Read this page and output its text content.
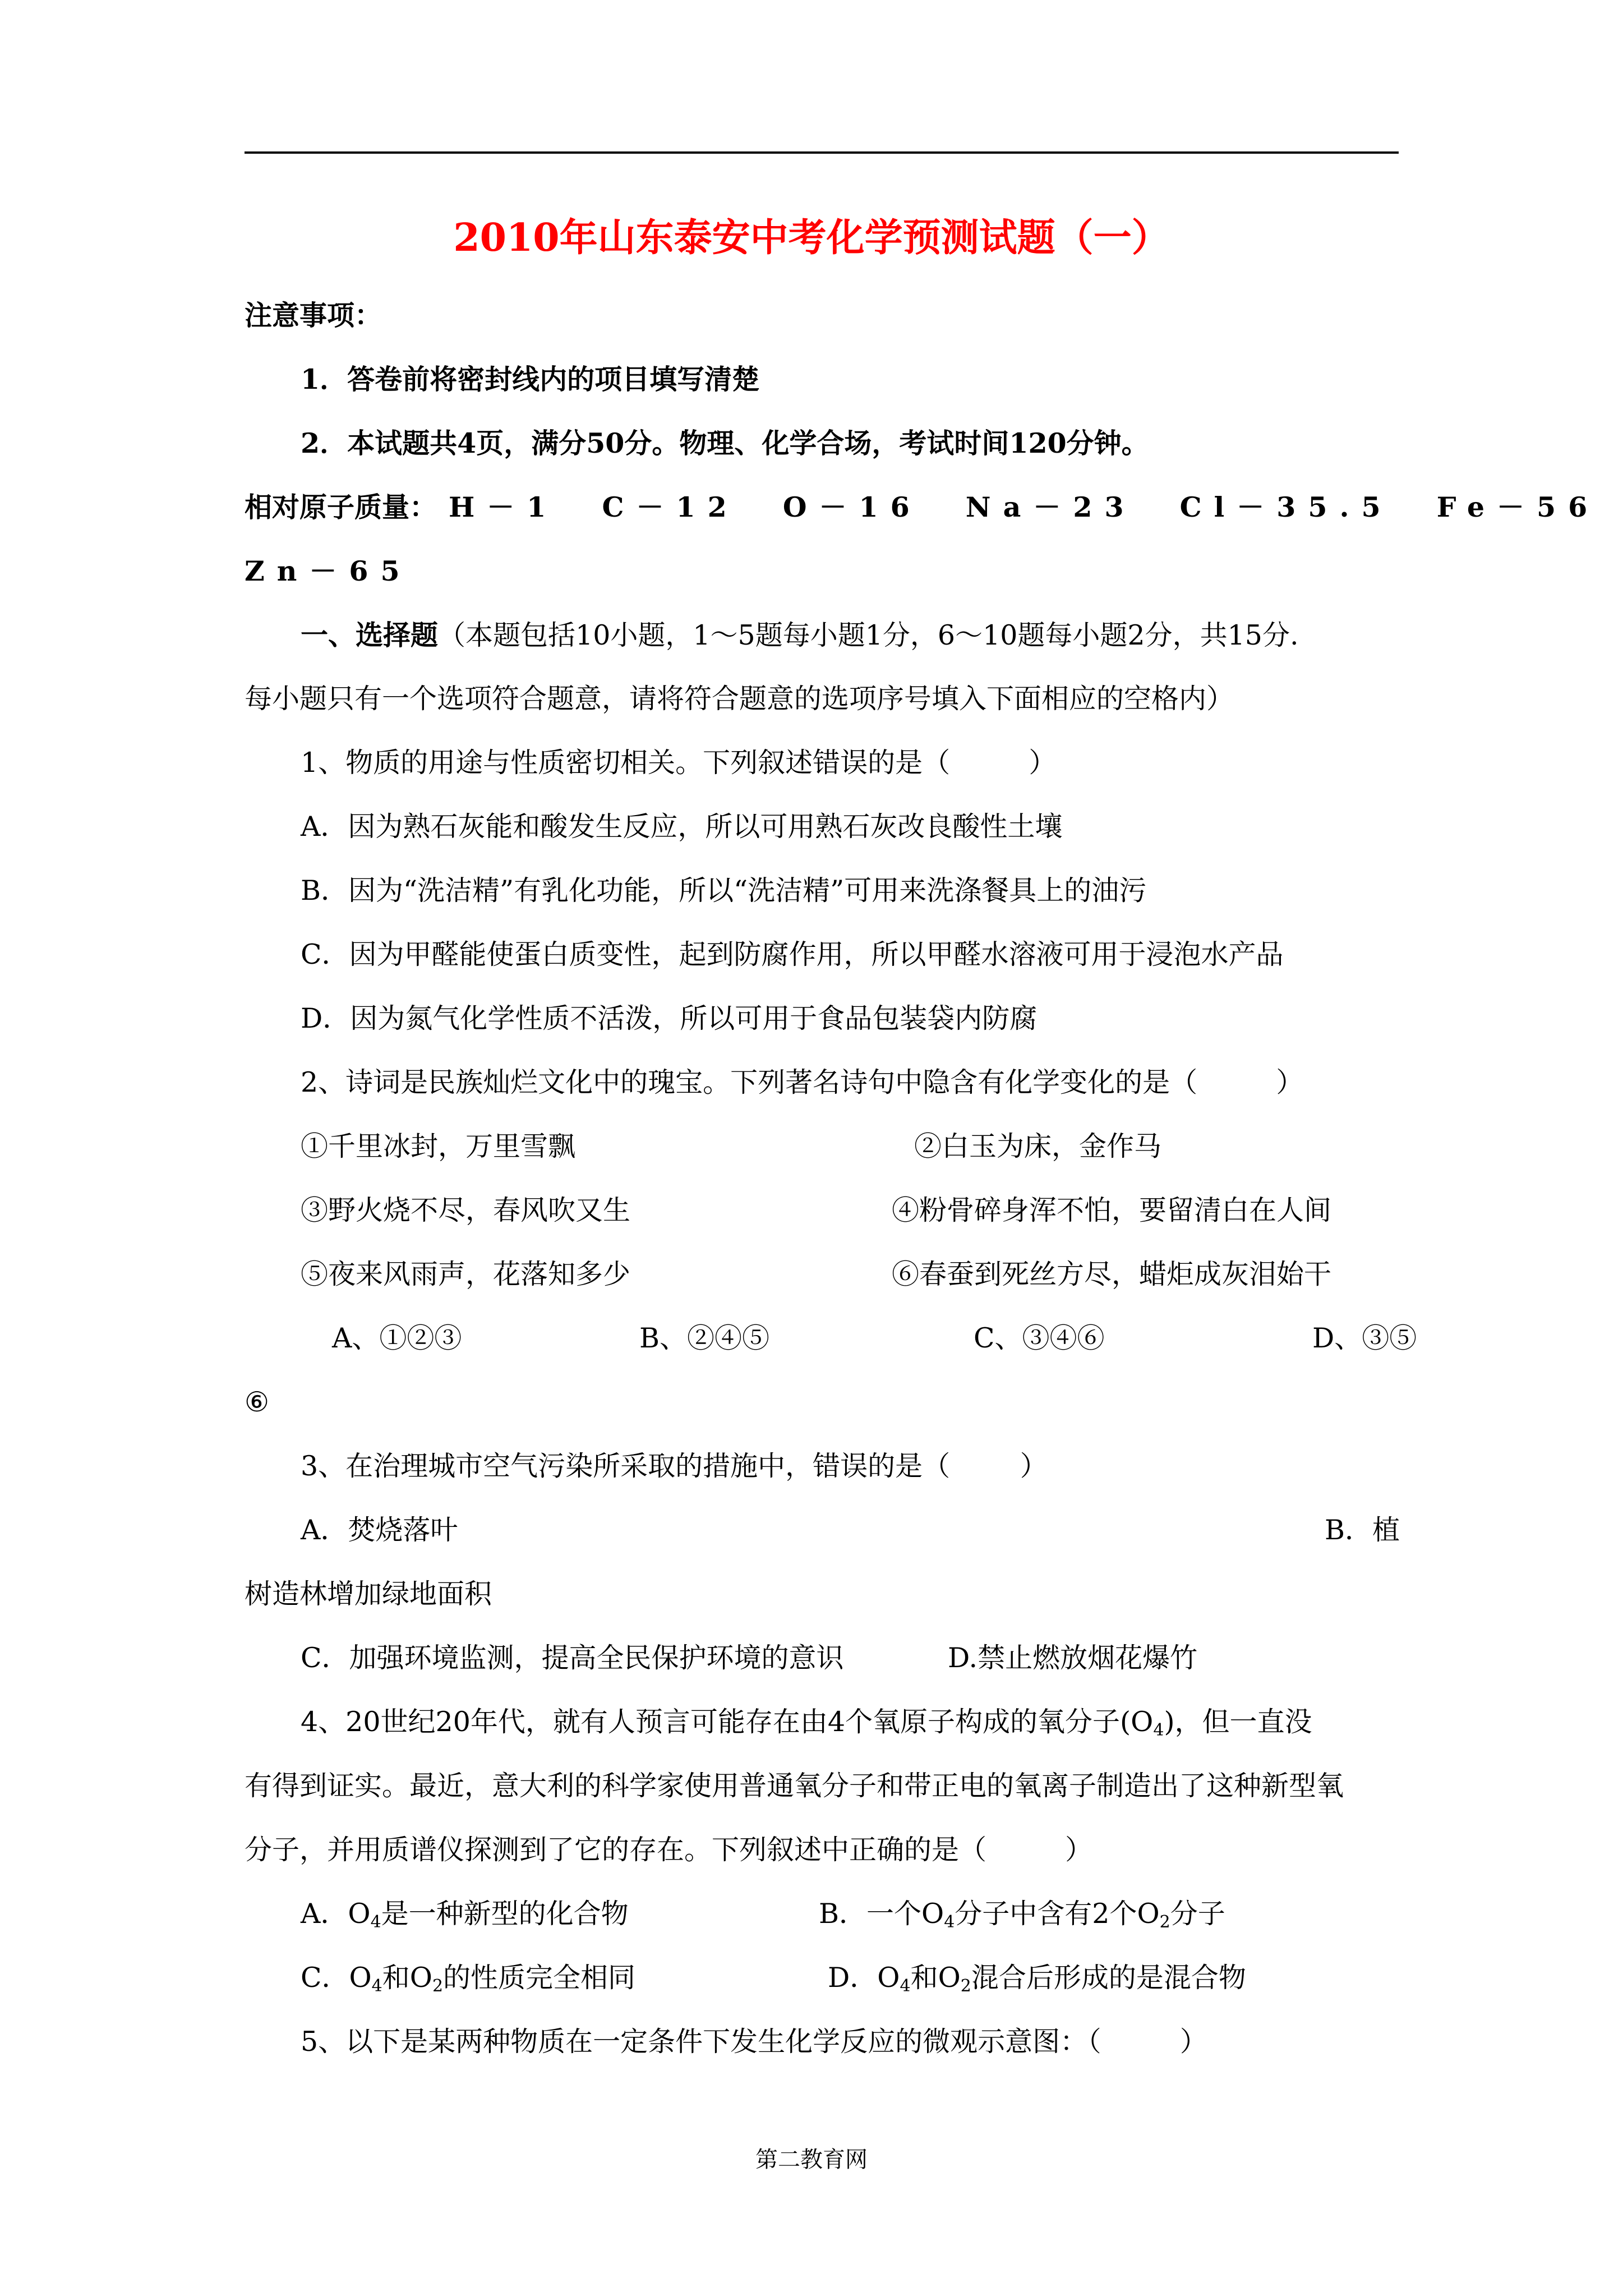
2010年山东泰安中考化学预测试题（一）
注意事项：
1．答卷前将密封线内的项目填写清楚
2．本试题共4页，满分50分。物理、化学合场，考试时间120分钟。
相对原子质量： H－1  C－12  O－16  Na－23  Cl－35.5  Fe－56
Zn－65
一、选择题（本题包括10小题，1～5题每小题1分，6～10题每小题2分，共15分.
每小题只有一个选项符合题意，请将符合题意的选项序号填入下面相应的空格内）
1、物质的用途与性质密切相关。下列叙述错误的是（         ）
A．因为熟石灰能和酸发生反应，所以可用熟石灰改良酸性土壤
B．因为“洗洁精”有乳化功能，所以“洗洁精”可用来洗涤餐具上的油污
C．因为甲醛能使蛋白质变性，起到防腐作用，所以甲醛水溶液可用于浸泡水产品
D．因为氮气化学性质不活泼，所以可用于食品包装袋内防腐
2、诗词是民族灿烂文化中的瑰宝。下列著名诗句中隐含有化学变化的是（         ）
①千里冰封，万里雪飘	②白玉为床，金作马
③野火烧不尽，春风吹又生	④粉骨碎身浑不怕，要留清白在人间
⑤夜来风雨声，花落知多少	⑥春蚕到死丝方尽，蜡炬成灰泪始干
A、①②③	B、②④⑤	C、③④⑥	D、③⑤
⑥
3、在治理城市空气污染所采取的措施中，错误的是（        ）
A．焚烧落叶	B．植
树造林增加绿地面积
C．加强环境监测，提高全民保护环境的意识	D.禁止燃放烟花爆竹
4、20世纪20年代，就有人预言可能存在由4个氧原子构成的氧分子$(O_4)$，但一直没
有得到证实。最近，意大利的科学家使用普通氧分子和带正电的氧离子制造出了这种新型氧
分子，并用质谱仪探测到了它的存在。下列叙述中正确的是（         ）
A．$O_4$是一种新型的化合物	B．一个$O_4$分子中含有2个$O_2$分子
C．$O_4$和$O_2$的性质完全相同	D．$O_4$和$O_2$混合后形成的是混合物
5、以下是某两种物质在一定条件下发生化学反应的微观示意图：（         ）
第二教育网
